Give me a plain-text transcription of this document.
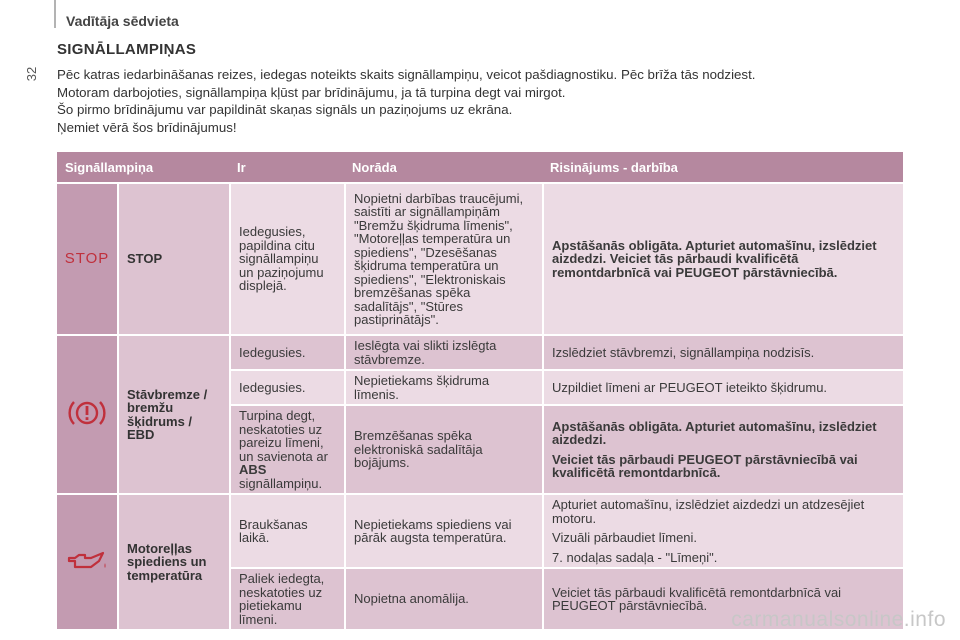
32
Vadītāja sēdvieta
SIGNĀLLAMPIŅAS

Pēc katras iedarbināšanas reizes, iedegas noteikts skaits signāllampiņu, veicot pašdiagnostiku. Pēc brīža tās nodziest.

Motoram darbojoties, signāllampiņa kļūst par brīdinājumu, ja tā turpina degt vai mirgot.

Šo pirmo brīdinājumu var papildināt skaņas signāls un paziņojums uz ekrāna.

Ņemiet vērā šos brīdinājumus!

Signāllampiņa		Ir	Norāda	Risinājums - darbība
STOP	STOP	Iedegusies, papildina citu signāllampiņu un paziņojumu displejā.	Nopietni darbības traucējumi, saistīti ar signāllampiņām "Bremžu šķidruma līmenis", "Motoreļļas temperatūra un spiediens", "Dzesēšanas šķidruma temperatūra un spiediens", "Elektroniskais bremzēšanas spēka sadalītājs", "Stūres pastiprinātājs".	Apstāšanās obligāta. Apturiet automašīnu, izslēdziet aizdedzi. Veiciet tās pārbaudi kvalificētā remontdarbnīcā vai PEUGEOT pārstāvniecībā.
	Stāvbremze / bremžu šķidrums / EBD	Iedegusies.	Ieslēgta vai slikti izslēgta stāvbremze.	Izslēdziet stāvbremzi, signāllampiņa nodzisīs.
		Iedegusies.	Nepietiekams šķidruma līmenis.	Uzpildiet līmeni ar PEUGEOT ieteikto šķidrumu.
		Turpina degt, neskatoties uz pareizu līmeni, un savienota ar ABS signāllampiņu.	Bremzēšanas spēka elektroniskā sadalītāja bojājums.	Apstāšanās obligāta. Apturiet automašīnu, izslēdziet aizdedzi.

Veiciet tās pārbaudi PEUGEOT pārstāvniecībā vai kvalificētā remontdarbnīcā.

	Motoreļļas spiediens un temperatūra	Braukšanas laikā.	Nepietiekams spiediens vai pārāk augsta temperatūra.	Apturiet automašīnu, izslēdziet aizdedzi un atdzesējiet motoru.

Vizuāli pārbaudiet līmeni.

7. nodaļas sadaļa - "Līmeņi".

		Paliek iedegta, neskatoties uz pietiekamu līmeni.	Nopietna anomālija.	Veiciet tās pārbaudi kvalificētā remontdarbnīcā vai PEUGEOT pārstāvniecībā.
carmanualsonline.info
